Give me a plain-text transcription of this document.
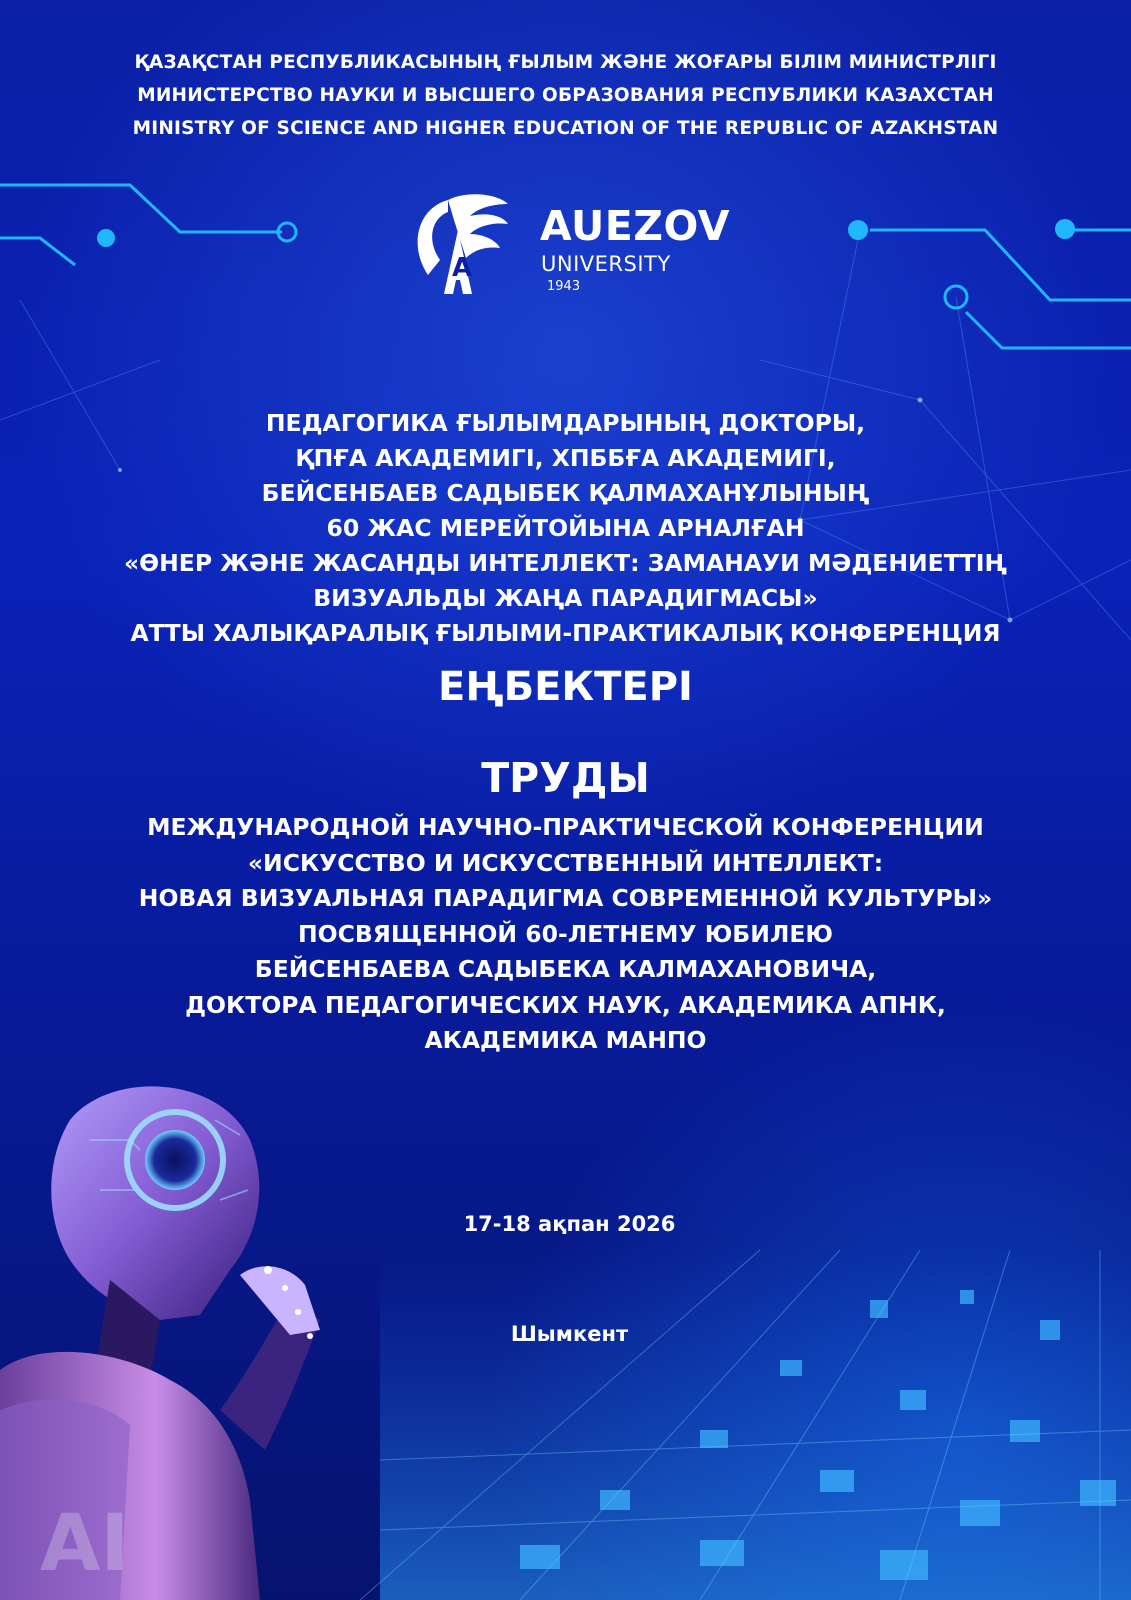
ҚАЗАҚСТАН РЕСПУБЛИКАСЫНЫҢ ҒЫЛЫМ ЖӘНЕ ЖОҒАРЫ БІЛІМ МИНИСТРЛІГІ
МИНИСТЕРСТВО НАУКИ И ВЫСШЕГО ОБРАЗОВАНИЯ РЕСПУБЛИКИ КАЗАХСТАН
MINISTRY OF SCIENCE AND HIGHER EDUCATION OF THE REPUBLIC OF AZAKHSTAN
A
AUEZOV
UNIVERSITY
1943
ПЕДАГОГИКА ҒЫЛЫМДАРЫНЫҢ ДОКТОРЫ,
ҚПҒА АКАДЕМИГІ, ХПББҒА АКАДЕМИГІ,
БЕЙСЕНБАЕВ САДЫБЕК ҚАЛМАХАНҰЛЫНЫҢ
60 ЖАС МЕРЕЙТОЙЫНА АРНАЛҒАН
«ӨНЕР ЖӘНЕ ЖАСАНДЫ ИНТЕЛЛЕКТ: ЗАМАНАУИ МӘДЕНИЕТТІҢ
ВИЗУАЛЬДЫ ЖАҢА ПАРАДИГМАСЫ»
АТТЫ ХАЛЫҚАРАЛЫҚ ҒЫЛЫМИ-ПРАКТИКАЛЫҚ КОНФЕРЕНЦИЯ
ЕҢБЕКТЕРІ
ТРУДЫ
МЕЖДУНАРОДНОЙ НАУЧНО-ПРАКТИЧЕСКОЙ КОНФЕРЕНЦИИ
«ИСКУССТВО И ИСКУССТВЕННЫЙ ИНТЕЛЛЕКТ:
НОВАЯ ВИЗУАЛЬНАЯ ПАРАДИГМА СОВРЕМЕННОЙ КУЛЬТУРЫ»
ПОСВЯЩЕННОЙ 60-ЛЕТНЕМУ ЮБИЛЕЮ
БЕЙСЕНБАЕВА САДЫБЕКА КАЛМАХАНОВИЧА,
ДОКТОРА ПЕДАГОГИЧЕСКИХ НАУК, АКАДЕМИКА АПНК,
АКАДЕМИКА МАНПО
17-18 ақпан 2026
Шымкент
AI
